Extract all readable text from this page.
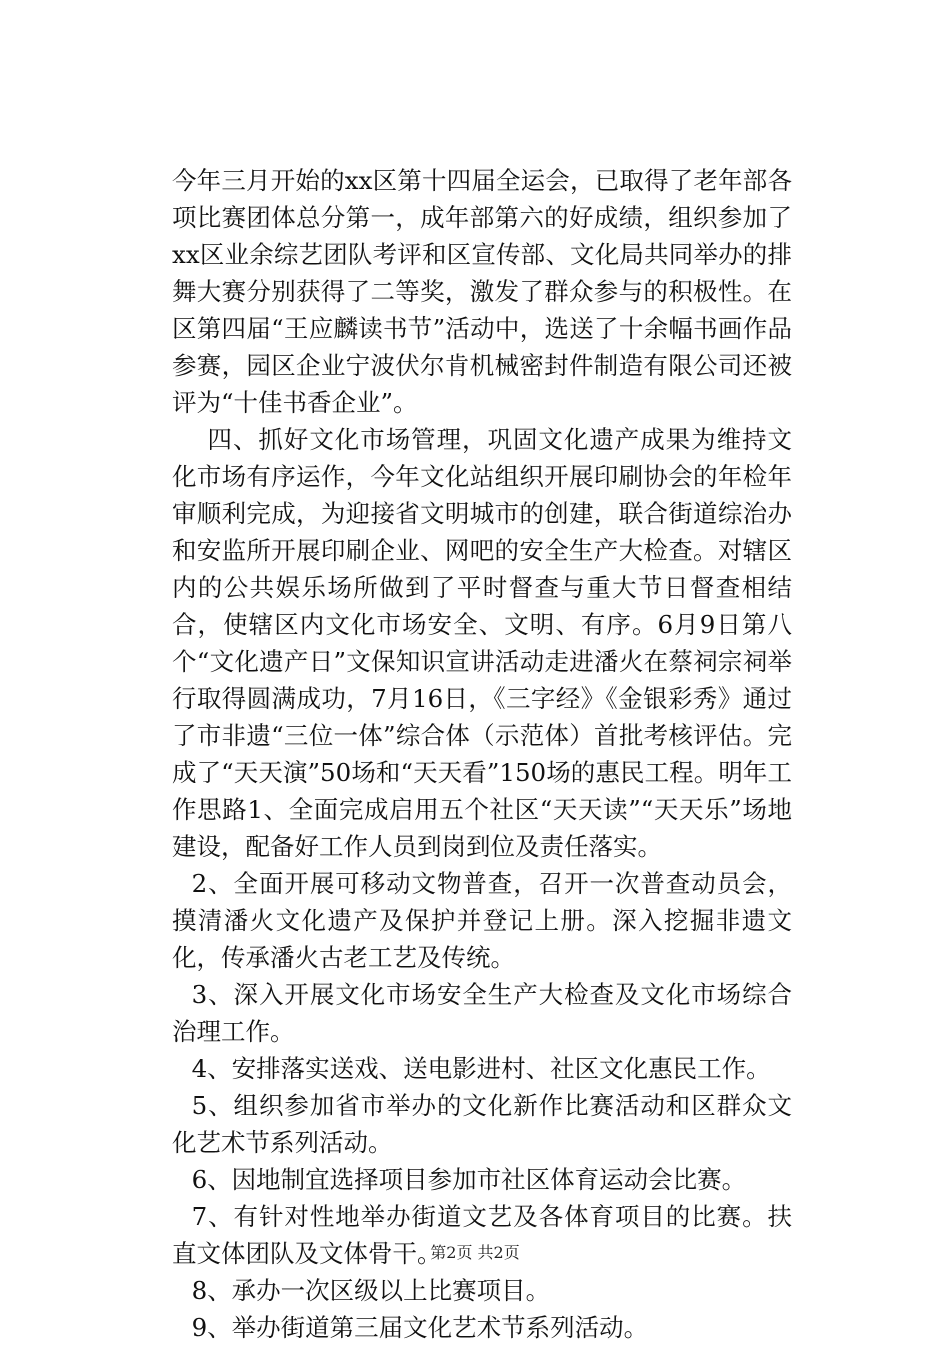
今年三月开始的xx区第十四届全运会，已取得了老年部各项比赛团体总分第一，成年部第六的好成绩，组织参加了xx区业余综艺团队考评和区宣传部、文化局共同举办的排舞大赛分别获得了二等奖，激发了群众参与的积极性。在区第四届“王应麟读书节”活动中，选送了十余幅书画作品参赛，园区企业宁波伏尔肯机械密封件制造有限公司还被评为“十佳书香企业”。

四、抓好文化市场管理，巩固文化遗产成果为维持文化市场有序运作，今年文化站组织开展印刷协会的年检年审顺利完成，为迎接省文明城市的创建，联合街道综治办和安监所开展印刷企业、网吧的安全生产大检查。对辖区内的公共娱乐场所做到了平时督查与重大节日督查相结合，使辖区内文化市场安全、文明、有序。6月9日第八个“文化遗产日”文保知识宣讲活动走进潘火在蔡祠宗祠举行取得圆满成功，7月16日，《三字经》《金银彩秀》通过了市非遗“三位一体”综合体（示范体）首批考核评估。完成了“天天演”50场和“天天看”150场的惠民工程。明年工作思路1、全面完成启用五个社区“天天读”“天天乐”场地建设，配备好工作人员到岗到位及责任落实。

2、全面开展可移动文物普查，召开一次普查动员会，摸清潘火文化遗产及保护并登记上册。深入挖掘非遗文化，传承潘火古老工艺及传统。

3、深入开展文化市场安全生产大检查及文化市场综合治理工作。

4、安排落实送戏、送电影进村、社区文化惠民工作。

5、组织参加省市举办的文化新作比赛活动和区群众文化艺术节系列活动。

6、因地制宜选择项目参加市社区体育运动会比赛。

7、有针对性地举办街道文艺及各体育项目的比赛。扶直文体团队及文体骨干。

8、承办一次区级以上比赛项目。

9、举办街道第三届文化艺术节系列活动。

第2页 共2页
